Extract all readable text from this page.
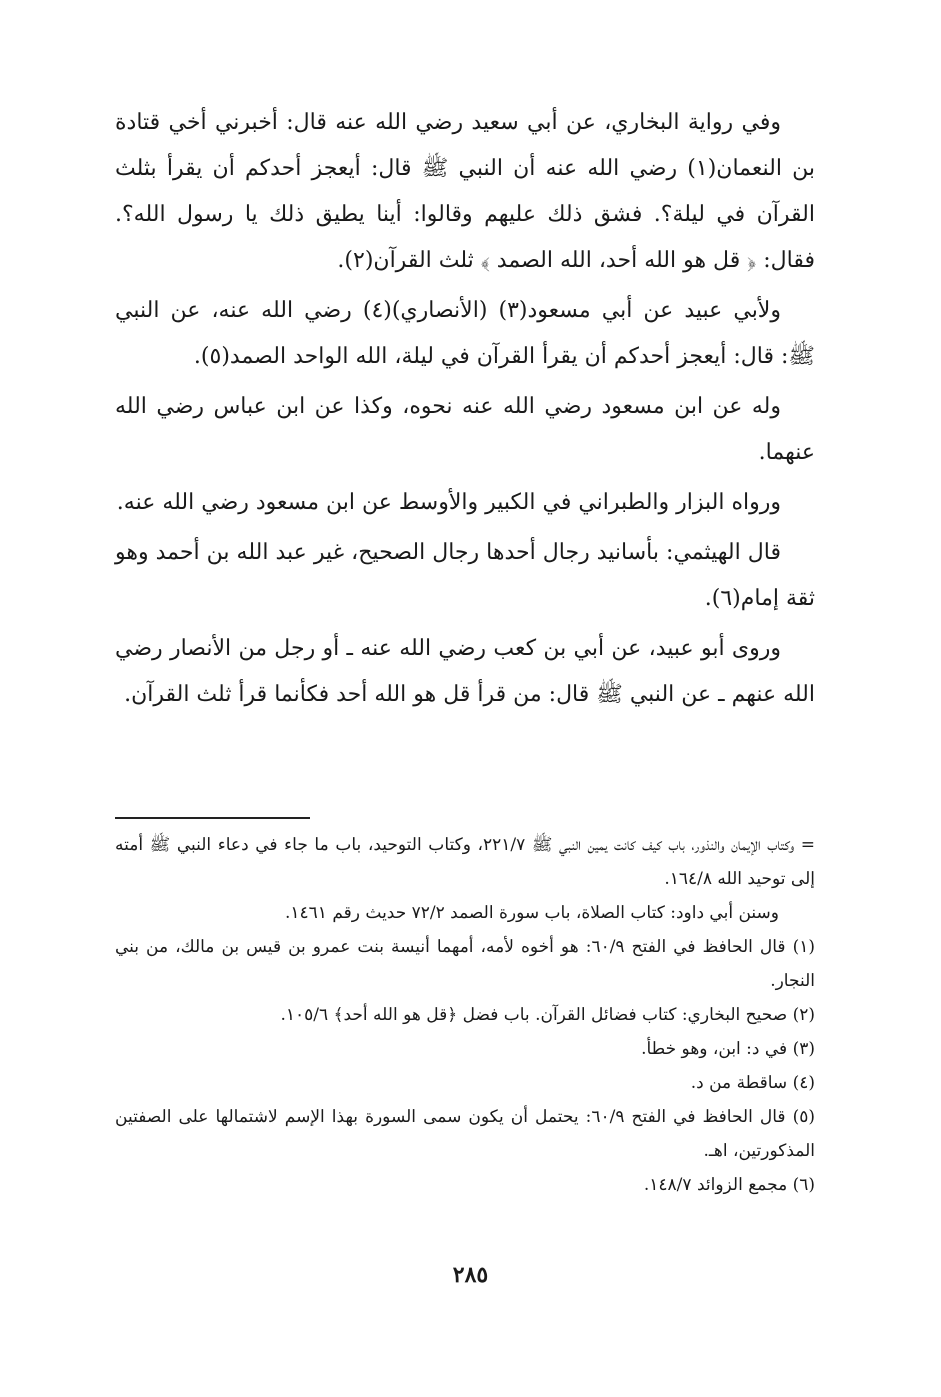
وفي رواية البخاري، عن أبي سعيد رضي الله عنه قال: أخبرني أخي قتادة بن النعمان(١) رضي الله عنه أن النبي ﷺ قال: أيعجز أحدكم أن يقرأ بثلث القرآن في ليلة؟. فشق ذلك عليهم وقالوا: أينا يطيق ذلك يا رسول الله؟. فقال: ﴿ قل هو الله أحد، الله الصمد ﴾ ثلث القرآن(٢).

ولأبي عبيد عن أبي مسعود(٣) (الأنصاري)(٤) رضي الله عنه، عن النبي ﷺ: قال: أيعجز أحدكم أن يقرأ القرآن في ليلة، الله الواحد الصمد(٥).

وله عن ابن مسعود رضي الله عنه نحوه، وكذا عن ابن عباس رضي الله عنهما.

ورواه البزار والطبراني في الكبير والأوسط عن ابن مسعود رضي الله عنه.

قال الهيثمي: بأسانيد رجال أحدها رجال الصحيح، غير عبد الله بن أحمد وهو ثقة إمام(٦).

وروى أبو عبيد، عن أبي بن كعب رضي الله عنه ـ أو رجل من الأنصار رضي الله عنهم ـ عن النبي ﷺ قال: من قرأ قل هو الله أحد فكأنما قرأ ثلث القرآن.

= وكتاب الإيمان والنذور، باب كيف كانت يمين النبي ﷺ ٢٢١/٧، وكتاب التوحيد، باب ما جاء في دعاء النبي ﷺ أمته إلى توحيد الله ١٦٤/٨.

وسنن أبي داود: كتاب الصلاة، باب سورة الصمد ٧٢/٢ حديث رقم ١٤٦١.

(١) قال الحافظ في الفتح ٦٠/٩: هو أخوه لأمه، أمهما أنيسة بنت عمرو بن قيس بن مالك، من بني النجار.

(٢) صحيح البخاري: كتاب فضائل القرآن. باب فضل ﴿قل هو الله أحد﴾ ١٠٥/٦.

(٣) في د: ابن، وهو خطأ.

(٤) ساقطة من د.

(٥) قال الحافظ في الفتح ٦٠/٩: يحتمل أن يكون سمى السورة بهذا الإسم لاشتمالها على الصفتين المذكورتين، اهـ.

(٦) مجمع الزوائد ١٤٨/٧.

٢٨٥
